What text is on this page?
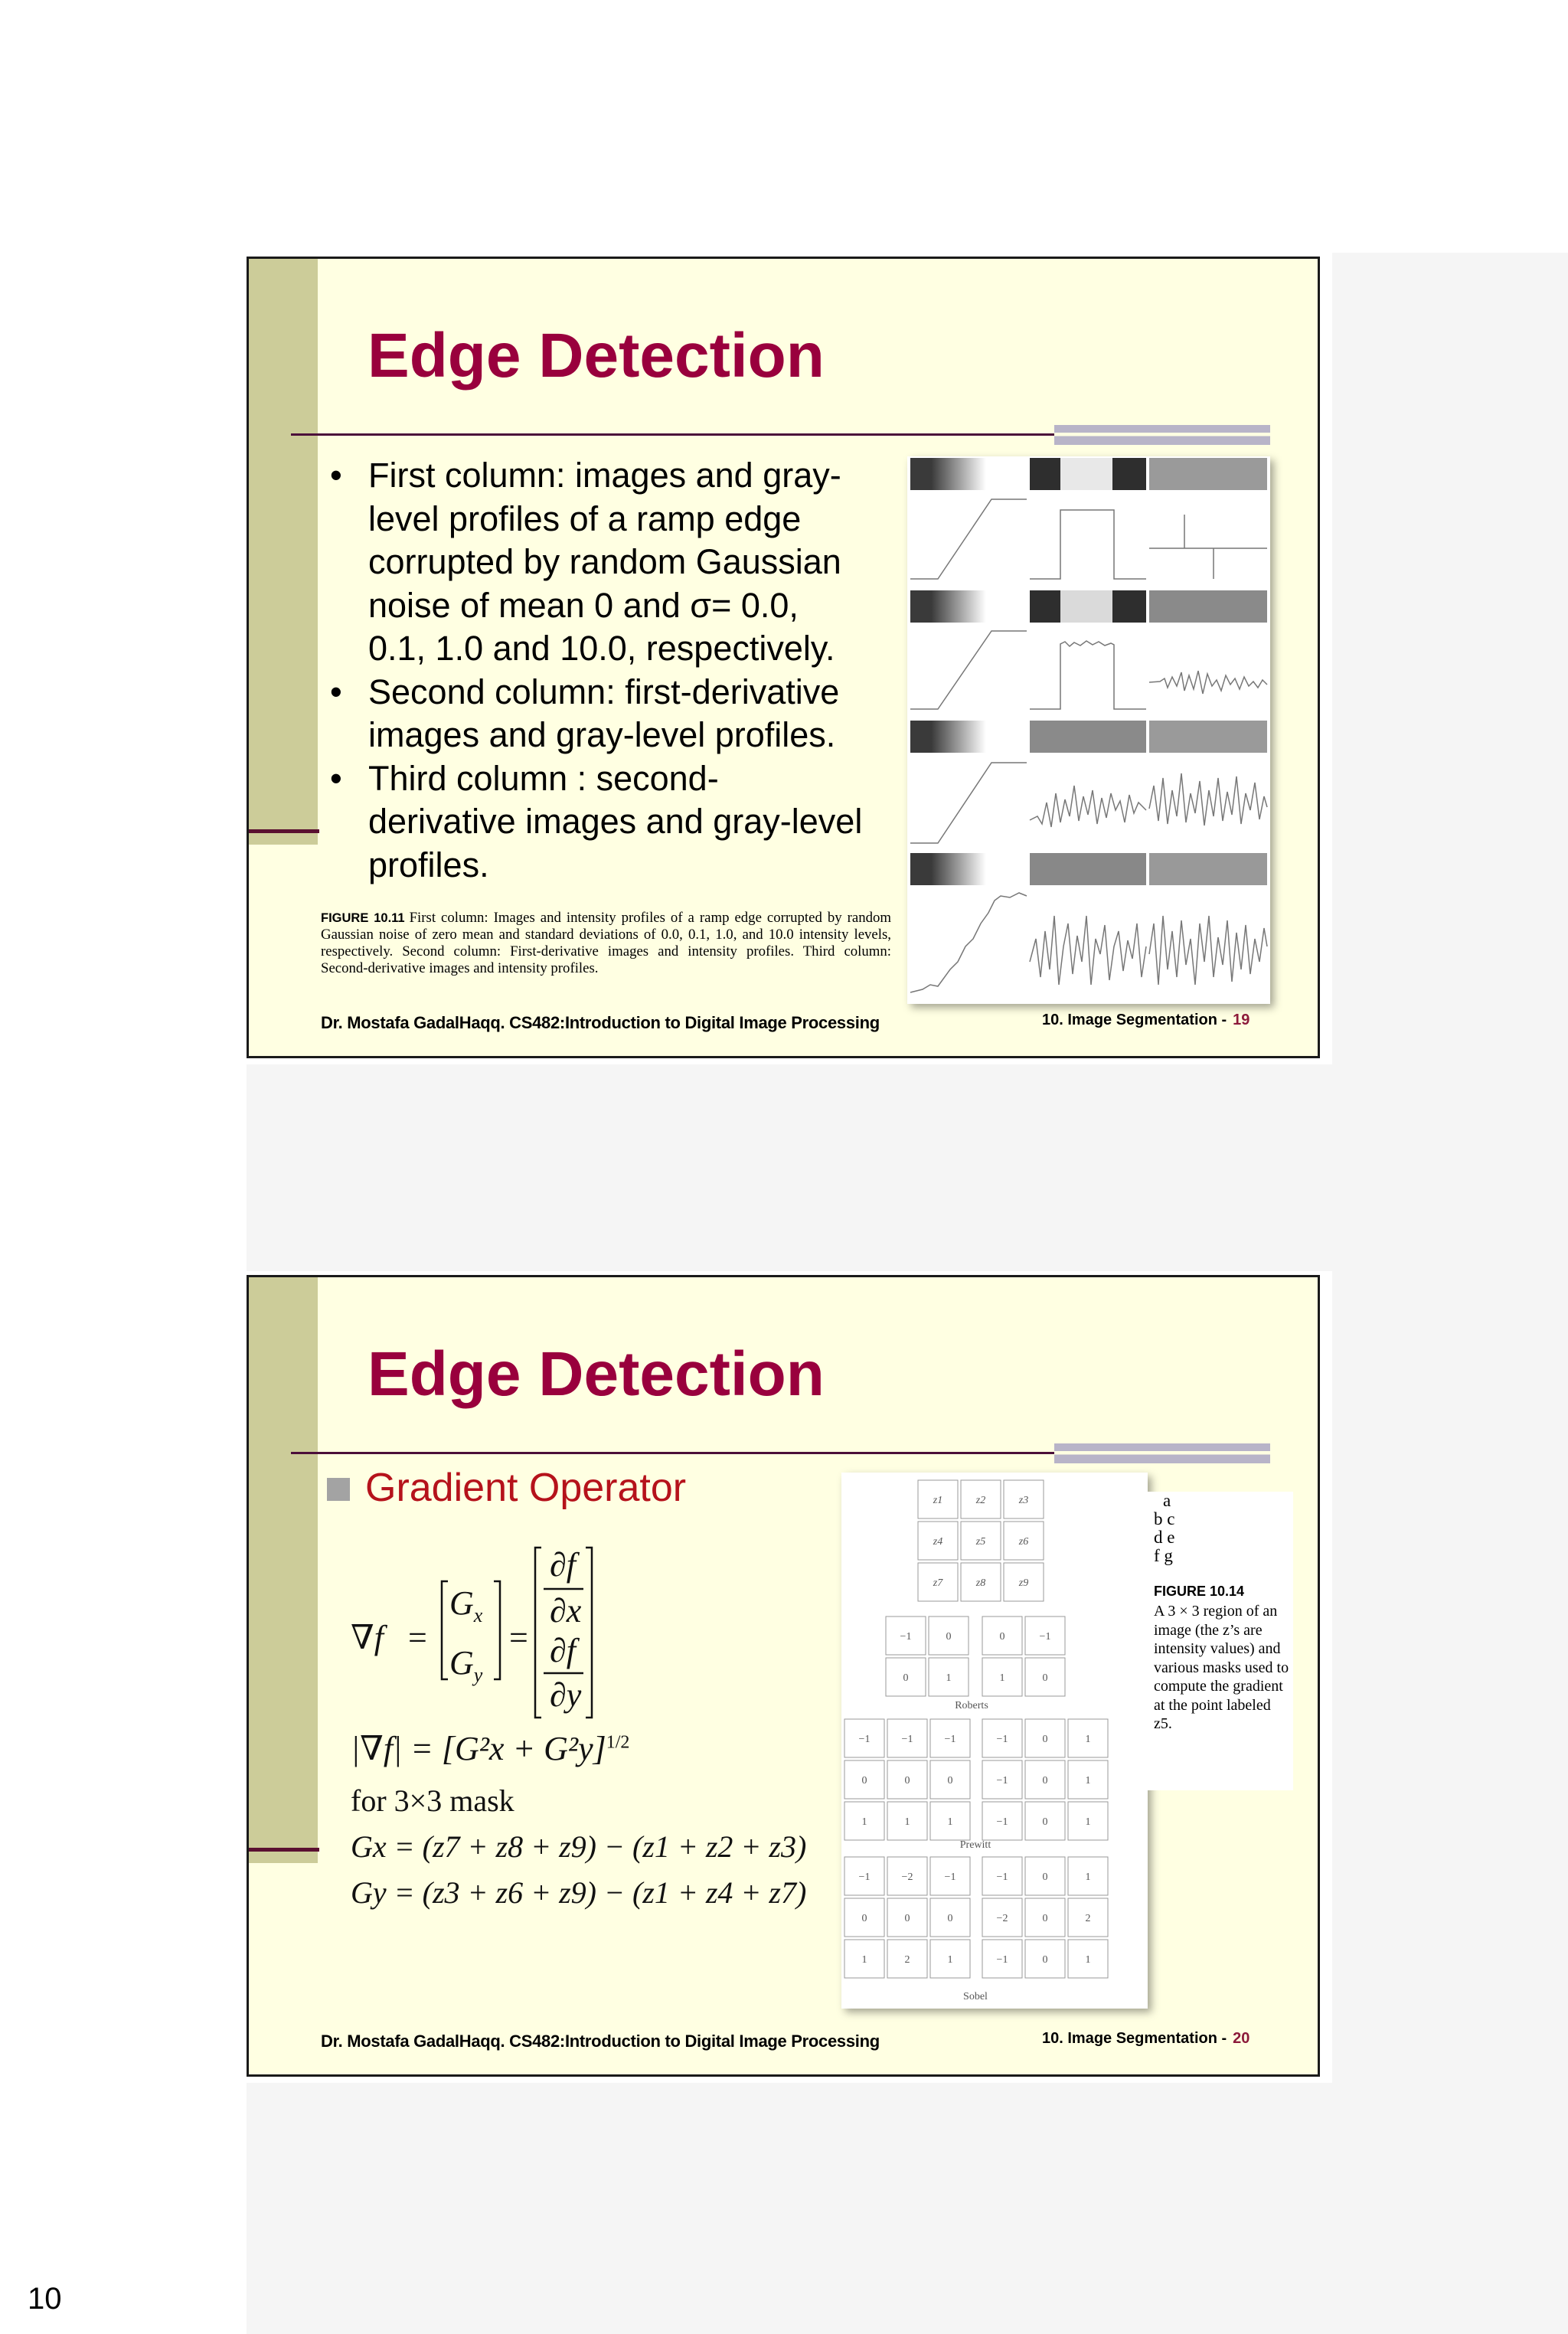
Edge Detection
• First column: images and gray-level profiles of a ramp edge corrupted by random Gaussian noise of mean 0 and σ= 0.0, 0.1, 1.0 and 10.0, respectively.
• Second column: first-derivative images and gray-level profiles.
• Third column : second-derivative images and gray-level profiles.
FIGURE 10.11 First column: Images and intensity profiles of a ramp edge corrupted by random Gaussian noise of zero mean and standard deviations of 0.0, 0.1, 1.0, and 10.0 intensity levels, respectively. Second column: First-derivative images and intensity profiles. Third column: Second-derivative images and intensity profiles.
Dr. Mostafa GadalHaqq. CS482:Introduction to Digital Image Processing	10. Image Segmentation - 19
Edge Detection
Gradient Operator
∇f =
$G_x$
$G_y$
=
∂f
∂x
∂f
∂y
$|\nabla f| = [G^2x + G^2y]^{1/2}$
for 3×3 mask
Gx = (z7 + z8 + z9) − (z1 + z2 + z3)
Gy = (z3 + z6 + z9) − (z1 + z4 + z7)
z1	z2	z3
z4	z5	z6
z7	z8	z9
−1	0
0	1
0	−1
1	0
Roberts
−1	−1	−1
0	0	0
1	1	1
−1	0	1
−1	0	1
−1	0	1
Prewitt
−1	−2	−1
0	0	0
1	2	1
−1	0	1
−2	0	2
−1	0	1
Sobel
a
b c
d e
f g
FIGURE 10.14
A 3 × 3 region of an image (the z’s are intensity values) and various masks used to compute the gradient at the point labeled z5.
Dr. Mostafa GadalHaqq. CS482:Introduction to Digital Image Processing	10. Image Segmentation - 20
10
